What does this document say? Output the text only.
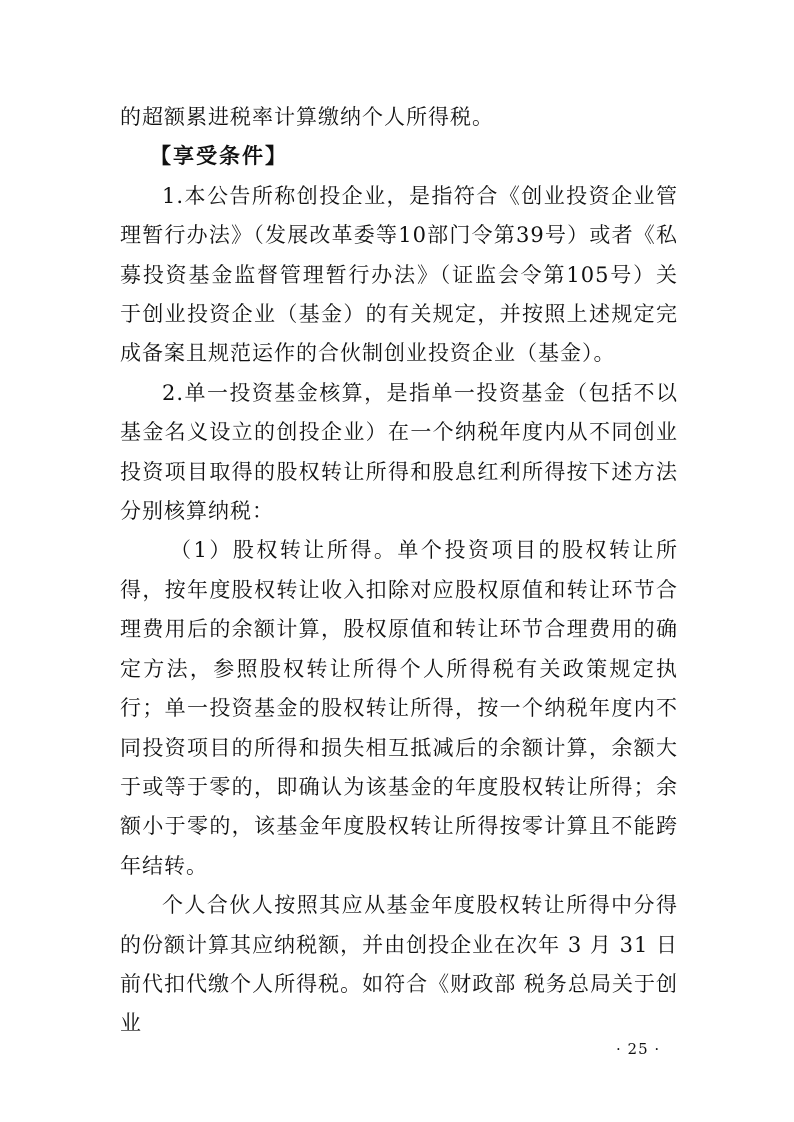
的超额累进税率计算缴纳个人所得税。

【享受条件】

1.本公告所称创投企业，是指符合《创业投资企业管理暂行办法》（发展改革委等10部门令第39号）或者《私募投资基金监督管理暂行办法》（证监会令第105号）关于创业投资企业（基金）的有关规定，并按照上述规定完成备案且规范运作的合伙制创业投资企业（基金）。

2.单一投资基金核算，是指单一投资基金（包括不以基金名义设立的创投企业）在一个纳税年度内从不同创业投资项目取得的股权转让所得和股息红利所得按下述方法分别核算纳税：

（1）股权转让所得。单个投资项目的股权转让所得，按年度股权转让收入扣除对应股权原值和转让环节合理费用后的余额计算，股权原值和转让环节合理费用的确定方法，参照股权转让所得个人所得税有关政策规定执行；单一投资基金的股权转让所得，按一个纳税年度内不同投资项目的所得和损失相互抵减后的余额计算，余额大于或等于零的，即确认为该基金的年度股权转让所得；余额小于零的，该基金年度股权转让所得按零计算且不能跨年结转。

个人合伙人按照其应从基金年度股权转让所得中分得的份额计算其应纳税额，并由创投企业在次年 3 月 31 日前代扣代缴个人所得税。如符合《财政部 税务总局关于创业

· 25 ·
